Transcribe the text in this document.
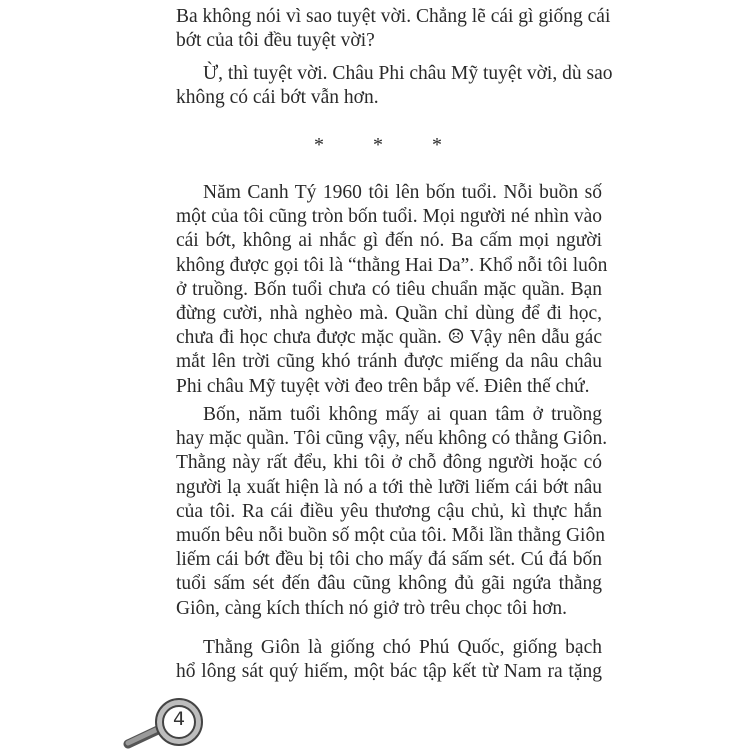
Ba không nói vì sao tuyệt vời. Chẳng lẽ cái gì giống cái
bớt của tôi đều tuyệt vời?
Ừ, thì tuyệt vời. Châu Phi châu Mỹ tuyệt vời, dù sao
không có cái bớt vẫn hơn.
* * *
Năm Canh Tý 1960 tôi lên bốn tuổi. Nỗi buồn số
một của tôi cũng tròn bốn tuổi. Mọi người né nhìn vào
cái bớt, không ai nhắc gì đến nó. Ba cấm mọi người
không được gọi tôi là “thằng Hai Da”. Khổ nỗi tôi luôn
ở truồng. Bốn tuổi chưa có tiêu chuẩn mặc quần. Bạn
đừng cười, nhà nghèo mà. Quần chỉ dùng để đi học,
chưa đi học chưa được mặc quần. ☹ Vậy nên dẫu gác
mắt lên trời cũng khó tránh được miếng da nâu châu
Phi châu Mỹ tuyệt vời đeo trên bắp vế. Điên thế chứ.
Bốn, năm tuổi không mấy ai quan tâm ở truồng
hay mặc quần. Tôi cũng vậy, nếu không có thằng Giôn.
Thằng này rất đểu, khi tôi ở chỗ đông người hoặc có
người lạ xuất hiện là nó a tới thè lưỡi liếm cái bớt nâu
của tôi. Ra cái điều yêu thương cậu chủ, kì thực hắn
muốn bêu nỗi buồn số một của tôi. Mỗi lần thằng Giôn
liếm cái bớt đều bị tôi cho mấy đá sấm sét. Cú đá bốn
tuổi sấm sét đến đâu cũng không đủ gãi ngứa thằng
Giôn, càng kích thích nó giở trò trêu chọc tôi hơn.
Thằng Giôn là giống chó Phú Quốc, giống bạch
hổ lông sát quý hiếm, một bác tập kết từ Nam ra tặng
4
